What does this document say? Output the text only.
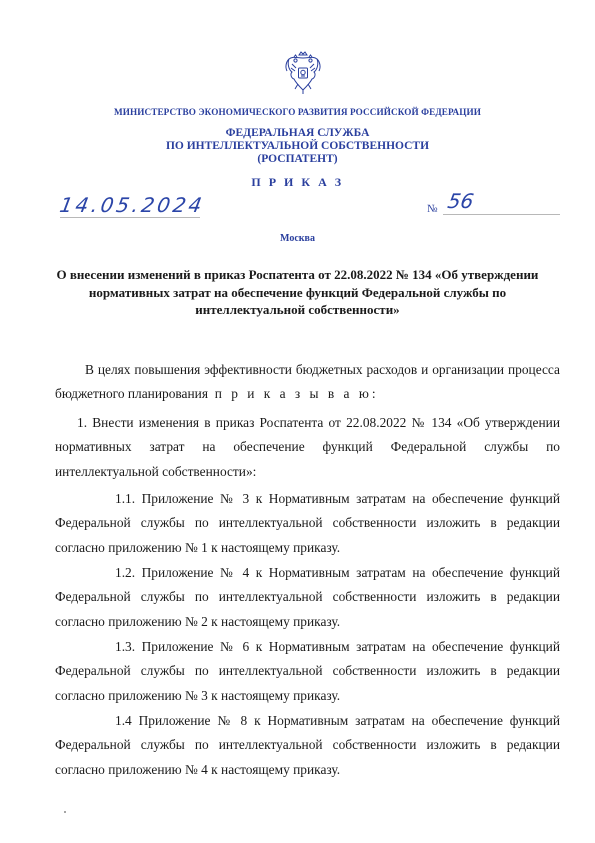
МИНИСТЕРСТВО ЭКОНОМИЧЕСКОГО РАЗВИТИЯ РОССИЙСКОЙ ФЕДЕРАЦИИ
ФЕДЕРАЛЬНАЯ СЛУЖБА
ПО ИНТЕЛЛЕКТУАЛЬНОЙ СОБСТВЕННОСТИ
(РОСПАТЕНТ)
П Р И К А З
14.05.2024	№ 56
Москва
О внесении изменений в приказ Роспатента от 22.08.2022 № 134 «Об утверждении нормативных затрат на обеспечение функций Федеральной службы по интеллектуальной собственности»

В целях повышения эффективности бюджетных расходов и организации процесса бюджетного планирования п р и к а з ы в а ю:

1. Внести изменения в приказ Роспатента от 22.08.2022 № 134 «Об утверждении нормативных затрат на обеспечение функций Федеральной службы по интеллектуальной собственности»:

1.1. Приложение № 3 к Нормативным затратам на обеспечение функций Федеральной службы по интеллектуальной собственности изложить в редакции согласно приложению № 1 к настоящему приказу.

1.2. Приложение № 4 к Нормативным затратам на обеспечение функций Федеральной службы по интеллектуальной собственности изложить в редакции согласно приложению № 2 к настоящему приказу.

1.3. Приложение № 6 к Нормативным затратам на обеспечение функций Федеральной службы по интеллектуальной собственности изложить в редакции согласно приложению № 3 к настоящему приказу.

1.4 Приложение № 8 к Нормативным затратам на обеспечение функций Федеральной службы по интеллектуальной собственности изложить в редакции согласно приложению № 4 к настоящему приказу.
